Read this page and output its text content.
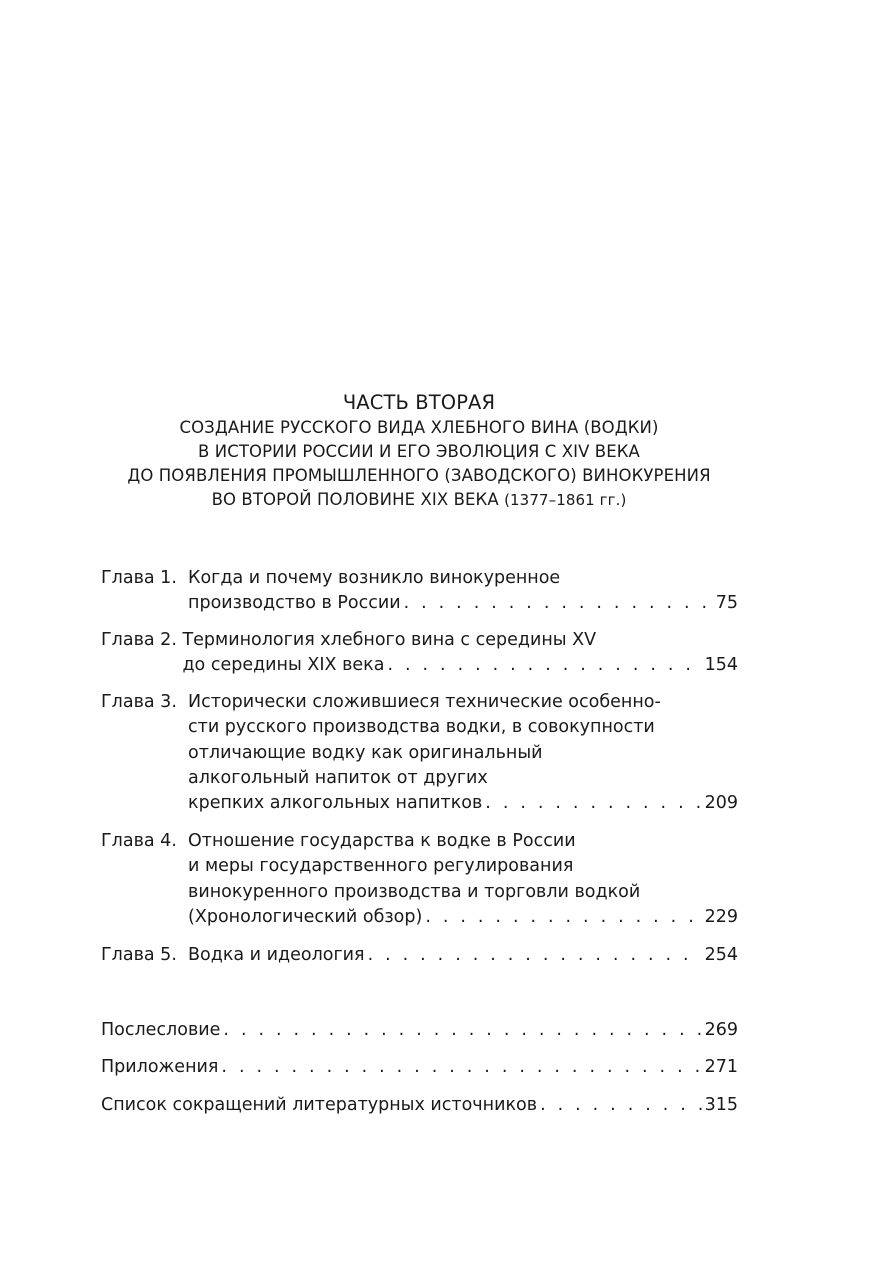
ЧАСТЬ ВТОРАЯ
СОЗДАНИЕ РУССКОГО ВИДА ХЛЕБНОГО ВИНА (ВОДКИ)
В ИСТОРИИ РОССИИ И ЕГО ЭВОЛЮЦИЯ С XIV ВЕКА
ДО ПОЯВЛЕНИЯ ПРОМЫШЛЕННОГО (ЗАВОДСКОГО) ВИНОКУРЕНИЯ
ВО ВТОРОЙ ПОЛОВИНЕ XIX ВЕКА (1377–1861 гг.)
Глава 1. Когда и почему возникло винокуренное
производство в России . . .	75
Глава 2. Терминология хлебного вина с середины XV
до середины XIX века . . .	154
Глава 3. Исторически сложившиеся технические особенно-
сти русского производства водки, в совокупности
отличающие водку как оригинальный
алкогольный напиток от других
крепких алкогольных напитков . . .	209
Глава 4. Отношение государства к водке в России
и меры государственного регулирования
винокуренного производства и торговли водкой
(Хронологический обзор) . . .	229
Глава 5. Водка и идеология . . .	254
Послесловие . . .	269
Приложения . . .	271
Список сокращений литературных источников . . .	315
